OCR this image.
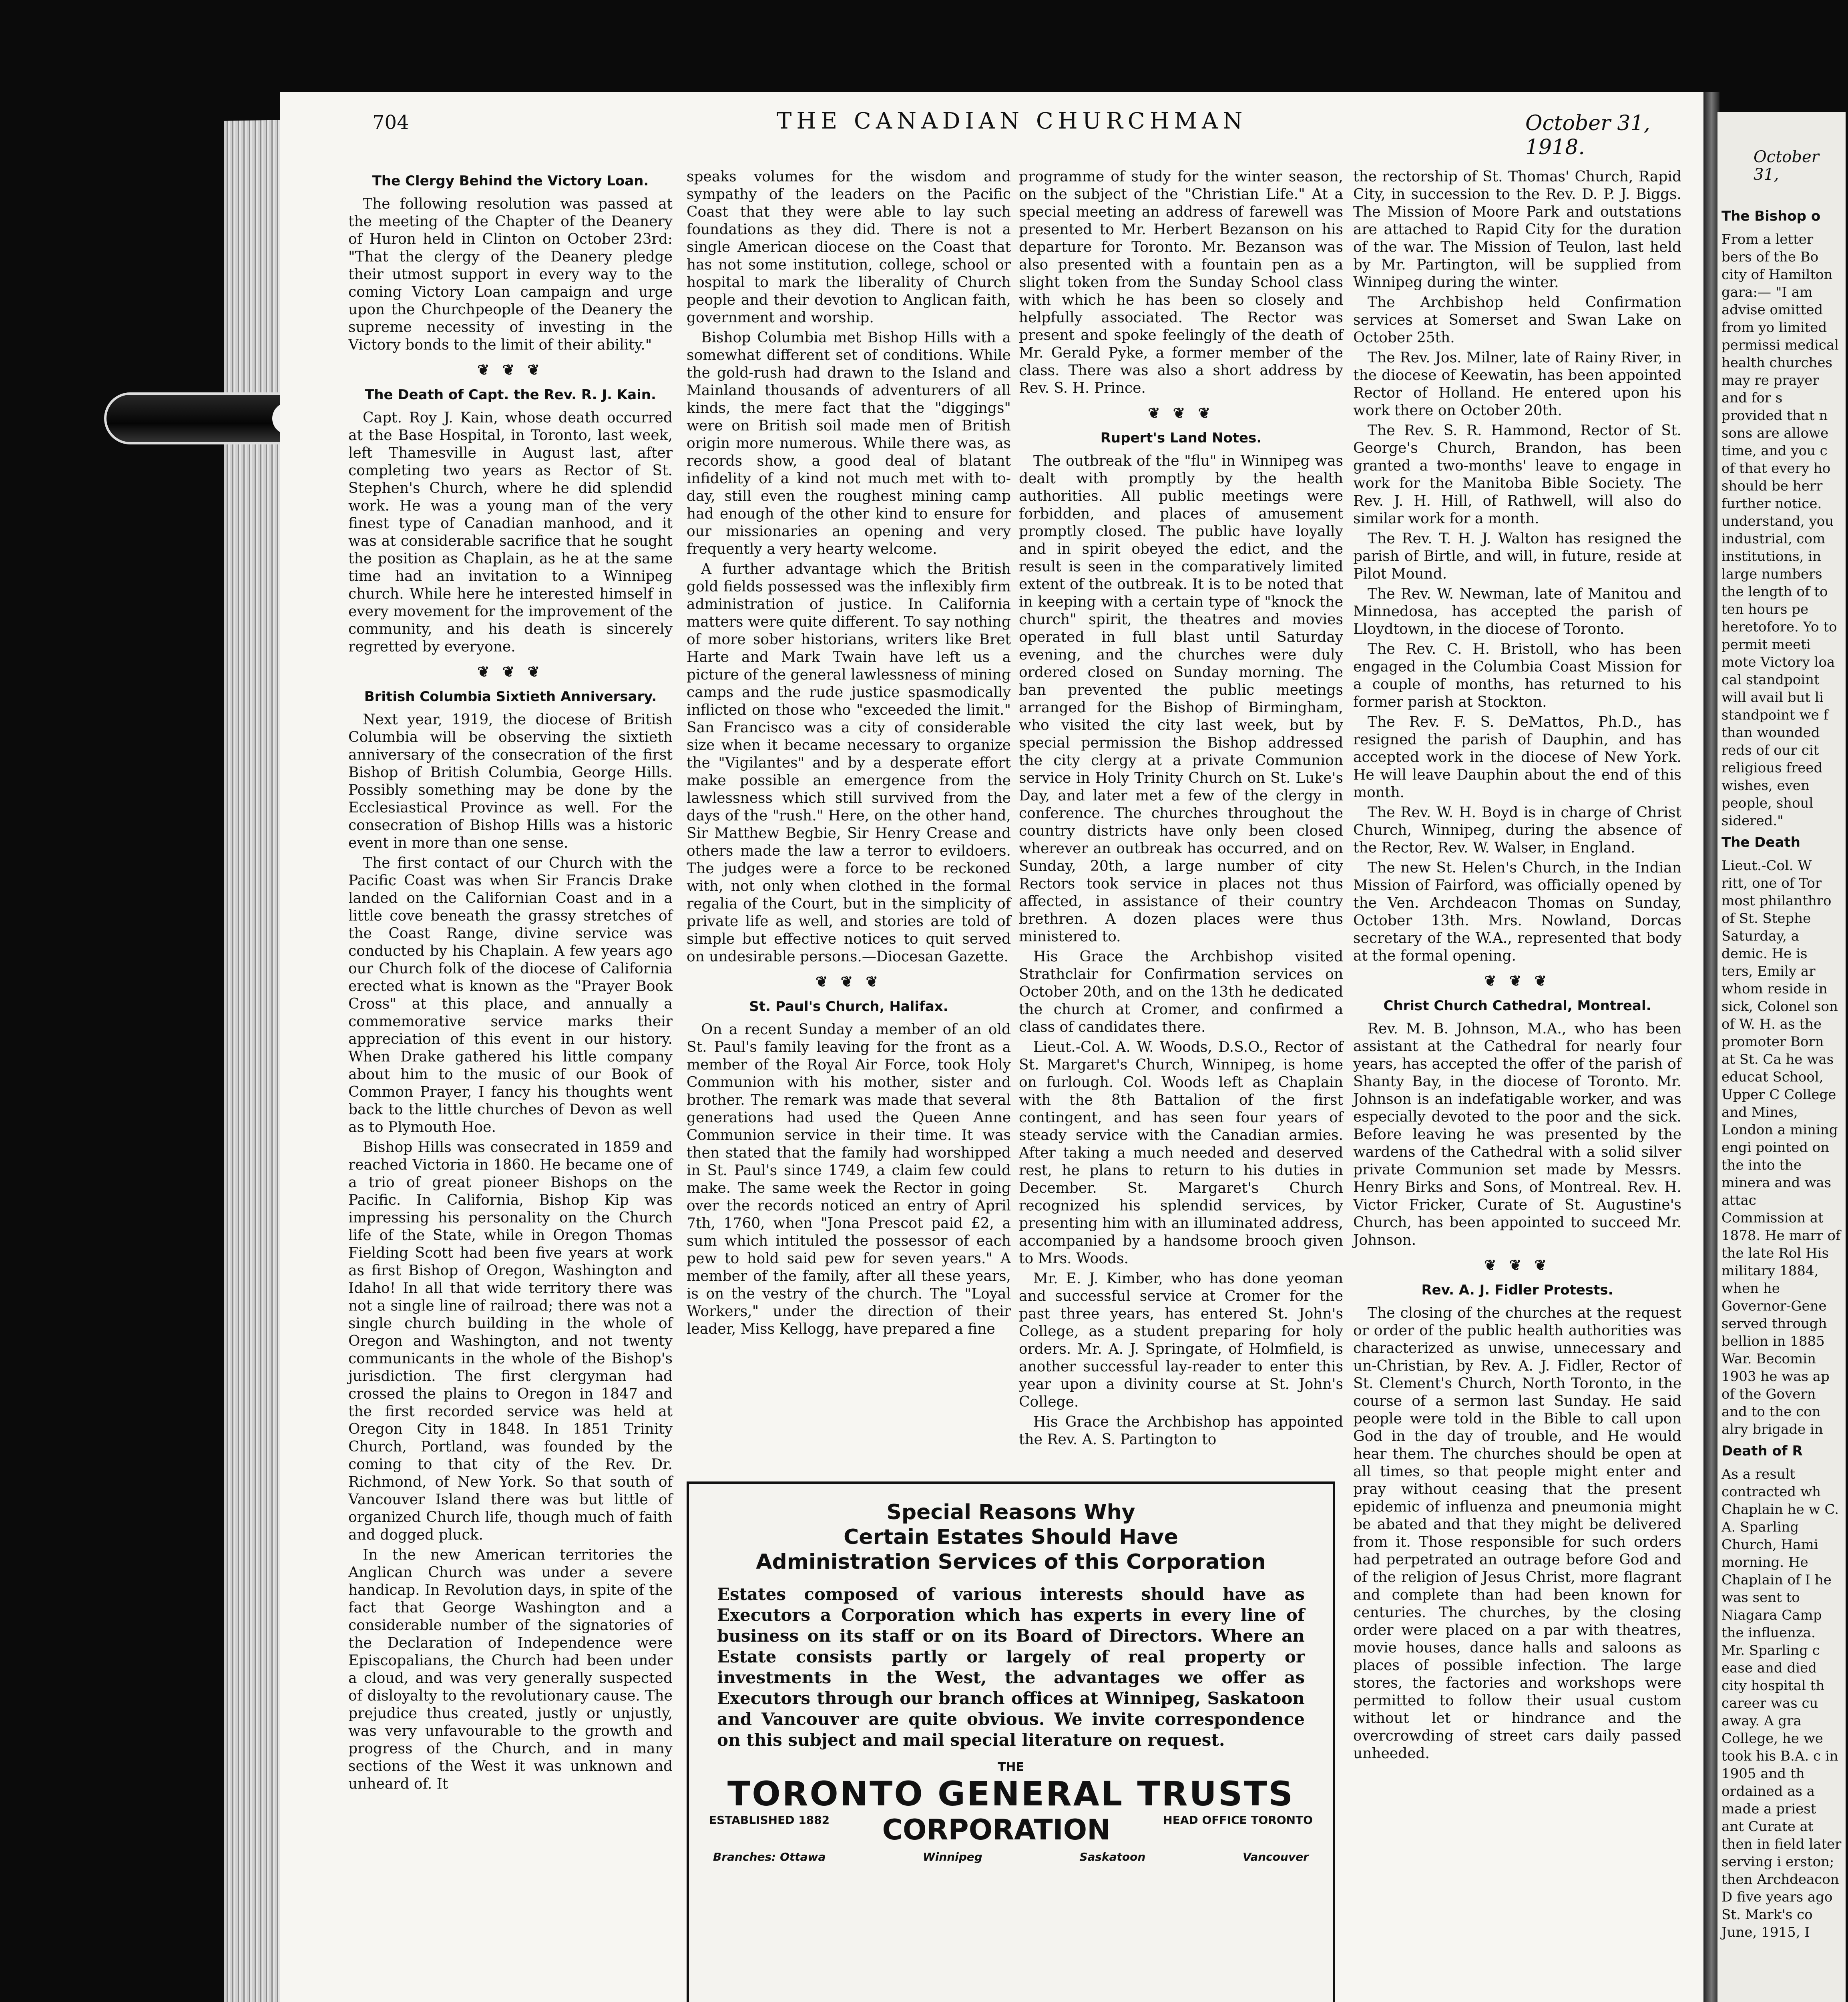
704	THE CANADIAN CHURCHMAN	October 31, 1918.
The Clergy Behind the Victory Loan.

The following resolution was passed at the meeting of the Chapter of the Deanery of Huron held in Clinton on October 23rd: "That the clergy of the Deanery pledge their utmost support in every way to the coming Victory Loan campaign and urge upon the Churchpeople of the Deanery the supreme necessity of investing in the Victory bonds to the limit of their ability."

❦ ❦ ❦
The Death of Capt. the Rev. R. J. Kain.

Capt. Roy J. Kain, whose death occurred at the Base Hospital, in Toronto, last week, left Thamesville in August last, after completing two years as Rector of St. Stephen's Church, where he did splendid work. He was a young man of the very finest type of Canadian manhood, and it was at considerable sacrifice that he sought the position as Chaplain, as he at the same time had an invitation to a Winnipeg church. While here he interested himself in every movement for the improvement of the community, and his death is sincerely regretted by everyone.

❦ ❦ ❦
British Columbia Sixtieth Anniversary.

Next year, 1919, the diocese of British Columbia will be observing the sixtieth anniversary of the consecration of the first Bishop of British Columbia, George Hills. Possibly something may be done by the Ecclesiastical Province as well. For the consecration of Bishop Hills was a historic event in more than one sense.

The first contact of our Church with the Pacific Coast was when Sir Francis Drake landed on the Californian Coast and in a little cove beneath the grassy stretches of the Coast Range, divine service was conducted by his Chaplain. A few years ago our Church folk of the diocese of California erected what is known as the "Prayer Book Cross" at this place, and annually a commemorative service marks their appreciation of this event in our history. When Drake gathered his little company about him to the music of our Book of Common Prayer, I fancy his thoughts went back to the little churches of Devon as well as to Plymouth Hoe.

Bishop Hills was consecrated in 1859 and reached Victoria in 1860. He became one of a trio of great pioneer Bishops on the Pacific. In California, Bishop Kip was impressing his personality on the Church life of the State, while in Oregon Thomas Fielding Scott had been five years at work as first Bishop of Oregon, Washington and Idaho! In all that wide territory there was not a single line of railroad; there was not a single church building in the whole of Oregon and Washington, and not twenty communicants in the whole of the Bishop's jurisdiction. The first clergyman had crossed the plains to Oregon in 1847 and the first recorded service was held at Oregon City in 1848. In 1851 Trinity Church, Portland, was founded by the coming to that city of the Rev. Dr. Richmond, of New York. So that south of Vancouver Island there was but little of organized Church life, though much of faith and dogged pluck.

In the new American territories the Anglican Church was under a severe handicap. In Revolution days, in spite of the fact that George Washington and a considerable number of the signatories of the Declaration of Independence were Episcopalians, the Church had been under a cloud, and was very generally suspected of disloyalty to the revolutionary cause. The prejudice thus created, justly or unjustly, was very unfavourable to the growth and progress of the Church, and in many sections of the West it was unknown and unheard of. It

speaks volumes for the wisdom and sympathy of the leaders on the Pacific Coast that they were able to lay such foundations as they did. There is not a single American diocese on the Coast that has not some institution, college, school or hospital to mark the liberality of Church people and their devotion to Anglican faith, government and worship.

Bishop Columbia met Bishop Hills with a somewhat different set of conditions. While the gold-rush had drawn to the Island and Mainland thousands of adventurers of all kinds, the mere fact that the "diggings" were on British soil made men of British origin more numerous. While there was, as records show, a good deal of blatant infidelity of a kind not much met with to-day, still even the roughest mining camp had enough of the other kind to ensure for our missionaries an opening and very frequently a very hearty welcome.

A further advantage which the British gold fields possessed was the inflexibly firm administration of justice. In California matters were quite different. To say nothing of more sober historians, writers like Bret Harte and Mark Twain have left us a picture of the general lawlessness of mining camps and the rude justice spasmodically inflicted on those who "exceeded the limit." San Francisco was a city of considerable size when it became necessary to organize the "Vigilantes" and by a desperate effort make possible an emergence from the lawlessness which still survived from the days of the "rush." Here, on the other hand, Sir Matthew Begbie, Sir Henry Crease and others made the law a terror to evildoers. The judges were a force to be reckoned with, not only when clothed in the formal regalia of the Court, but in the simplicity of private life as well, and stories are told of simple but effective notices to quit served on undesirable persons.—Diocesan Gazette.

❦ ❦ ❦
St. Paul's Church, Halifax.

On a recent Sunday a member of an old St. Paul's family leaving for the front as a member of the Royal Air Force, took Holy Communion with his mother, sister and brother. The remark was made that several generations had used the Queen Anne Communion service in their time. It was then stated that the family had worshipped in St. Paul's since 1749, a claim few could make. The same week the Rector in going over the records noticed an entry of April 7th, 1760, when "Jona Prescot paid £2, a sum which intituled the possessor of each pew to hold said pew for seven years." A member of the family, after all these years, is on the vestry of the church. The "Loyal Workers," under the direction of their leader, Miss Kellogg, have prepared a fine

programme of study for the winter season, on the subject of the "Christian Life." At a special meeting an address of farewell was presented to Mr. Herbert Bezanson on his departure for Toronto. Mr. Bezanson was also presented with a fountain pen as a slight token from the Sunday School class with which he has been so closely and helpfully associated. The Rector was present and spoke feelingly of the death of Mr. Gerald Pyke, a former member of the class. There was also a short address by Rev. S. H. Prince.

❦ ❦ ❦
Rupert's Land Notes.

The outbreak of the "flu" in Winnipeg was dealt with promptly by the health authorities. All public meetings were forbidden, and places of amusement promptly closed. The public have loyally and in spirit obeyed the edict, and the result is seen in the comparatively limited extent of the outbreak. It is to be noted that in keeping with a certain type of "knock the church" spirit, the theatres and movies operated in full blast until Saturday evening, and the churches were duly ordered closed on Sunday morning. The ban prevented the public meetings arranged for the Bishop of Birmingham, who visited the city last week, but by special permission the Bishop addressed the city clergy at a private Communion service in Holy Trinity Church on St. Luke's Day, and later met a few of the clergy in conference. The churches throughout the country districts have only been closed wherever an outbreak has occurred, and on Sunday, 20th, a large number of city Rectors took service in places not thus affected, in assistance of their country brethren. A dozen places were thus ministered to.

His Grace the Archbishop visited Strathclair for Confirmation services on October 20th, and on the 13th he dedicated the church at Cromer, and confirmed a class of candidates there.

Lieut.-Col. A. W. Woods, D.S.O., Rector of St. Margaret's Church, Winnipeg, is home on furlough. Col. Woods left as Chaplain with the 8th Battalion of the first contingent, and has seen four years of steady service with the Canadian armies. After taking a much needed and deserved rest, he plans to return to his duties in December. St. Margaret's Church recognized his splendid services, by presenting him with an illuminated address, accompanied by a handsome brooch given to Mrs. Woods.

Mr. E. J. Kimber, who has done yeoman and successful service at Cromer for the past three years, has entered St. John's College, as a student preparing for holy orders. Mr. A. J. Springate, of Holmfield, is another successful lay-reader to enter this year upon a divinity course at St. John's College.

His Grace the Archbishop has appointed the Rev. A. S. Partington to

the rectorship of St. Thomas' Church, Rapid City, in succession to the Rev. D. P. J. Biggs. The Mission of Moore Park and outstations are attached to Rapid City for the duration of the war. The Mission of Teulon, last held by Mr. Partington, will be supplied from Winnipeg during the winter.

The Archbishop held Confirmation services at Somerset and Swan Lake on October 25th.

The Rev. Jos. Milner, late of Rainy River, in the diocese of Keewatin, has been appointed Rector of Holland. He entered upon his work there on October 20th.

The Rev. S. R. Hammond, Rector of St. George's Church, Brandon, has been granted a two-months' leave to engage in work for the Manitoba Bible Society. The Rev. J. H. Hill, of Rathwell, will also do similar work for a month.

The Rev. T. H. J. Walton has resigned the parish of Birtle, and will, in future, reside at Pilot Mound.

The Rev. W. Newman, late of Manitou and Minnedosa, has accepted the parish of Lloydtown, in the diocese of Toronto.

The Rev. C. H. Bristoll, who has been engaged in the Columbia Coast Mission for a couple of months, has returned to his former parish at Stockton.

The Rev. F. S. DeMattos, Ph.D., has resigned the parish of Dauphin, and has accepted work in the diocese of New York. He will leave Dauphin about the end of this month.

The Rev. W. H. Boyd is in charge of Christ Church, Winnipeg, during the absence of the Rector, Rev. W. Walser, in England.

The new St. Helen's Church, in the Indian Mission of Fairford, was officially opened by the Ven. Archdeacon Thomas on Sunday, October 13th. Mrs. Nowland, Dorcas secretary of the W.A., represented that body at the formal opening.

❦ ❦ ❦
Christ Church Cathedral, Montreal.

Rev. M. B. Johnson, M.A., who has been assistant at the Cathedral for nearly four years, has accepted the offer of the parish of Shanty Bay, in the diocese of Toronto. Mr. Johnson is an indefatigable worker, and was especially devoted to the poor and the sick. Before leaving he was presented by the wardens of the Cathedral with a solid silver private Communion set made by Messrs. Henry Birks and Sons, of Montreal. Rev. H. Victor Fricker, Curate of St. Augustine's Church, has been appointed to succeed Mr. Johnson.

❦ ❦ ❦
Rev. A. J. Fidler Protests.

The closing of the churches at the request or order of the public health authorities was characterized as unwise, unnecessary and un-Christian, by Rev. A. J. Fidler, Rector of St. Clement's Church, North Toronto, in the course of a sermon last Sunday. He said people were told in the Bible to call upon God in the day of trouble, and He would hear them. The churches should be open at all times, so that people might enter and pray without ceasing that the present epidemic of influenza and pneumonia might be abated and that they might be delivered from it. Those responsible for such orders had perpetrated an outrage before God and of the religion of Jesus Christ, more flagrant and complete than had been known for centuries. The churches, by the closing order were placed on a par with theatres, movie houses, dance halls and saloons as places of possible infection. The large stores, the factories and workshops were permitted to follow their usual custom without let or hindrance and the overcrowding of street cars daily passed unheeded.

Special Reasons Why
Certain Estates Should Have
Administration Services of this Corporation
Estates composed of various interests should have as Executors a Corporation which has experts in every line of business on its staff or on its Board of Directors. Where an Estate consists partly or largely of real property or investments in the West, the advantages we offer as Executors through our branch offices at Winnipeg, Saskatoon and Vancouver are quite obvious. We invite correspondence on this subject and mail special literature on request.
THE
TORONTO GENERAL TRUSTS
ESTABLISHED 1882 CORPORATION	HEAD OFFICE TORONTO
Branches: Ottawa	Winnipeg	Saskatoon	Vancouver
October 31,
The Bishop o
From a letter bers of the Bo city of Hamilton gara:— "I am advise omitted from yo limited permissi medical health churches may re prayer and for s provided that n sons are allowe time, and you c of that every ho should be herr further notice. understand, you industrial, com institutions, in large numbers the length of to ten hours pe heretofore. Yo to permit meeti mote Victory loa cal standpoint will avail but li standpoint we f than wounded reds of our cit religious freed wishes, even people, shoul sidered."
The Death
Lieut.-Col. W ritt, one of Tor most philanthro of St. Stephe Saturday, a demic. He is ters, Emily ar whom reside in sick, Colonel son of W. H. as the promoter Born at St. Ca he was educat School, Upper C College and Mines, London a mining engi pointed on the into the minera and was attac Commission at 1878. He marr of the late Rol His military 1884, when he Governor-Gene served through bellion in 1885 War. Becomin 1903 he was ap of the Govern and to the con alry brigade in
Death of R
As a result contracted wh Chaplain he w C. A. Sparling Church, Hami morning. He Chaplain of I he was sent to Niagara Camp the influenza. Mr. Sparling c ease and died city hospital th career was cu away. A gra College, he we took his B.A. c in 1905 and th ordained as a made a priest ant Curate at then in field later serving i erston; then Archdeacon D five years ago St. Mark's co June, 1915, I
